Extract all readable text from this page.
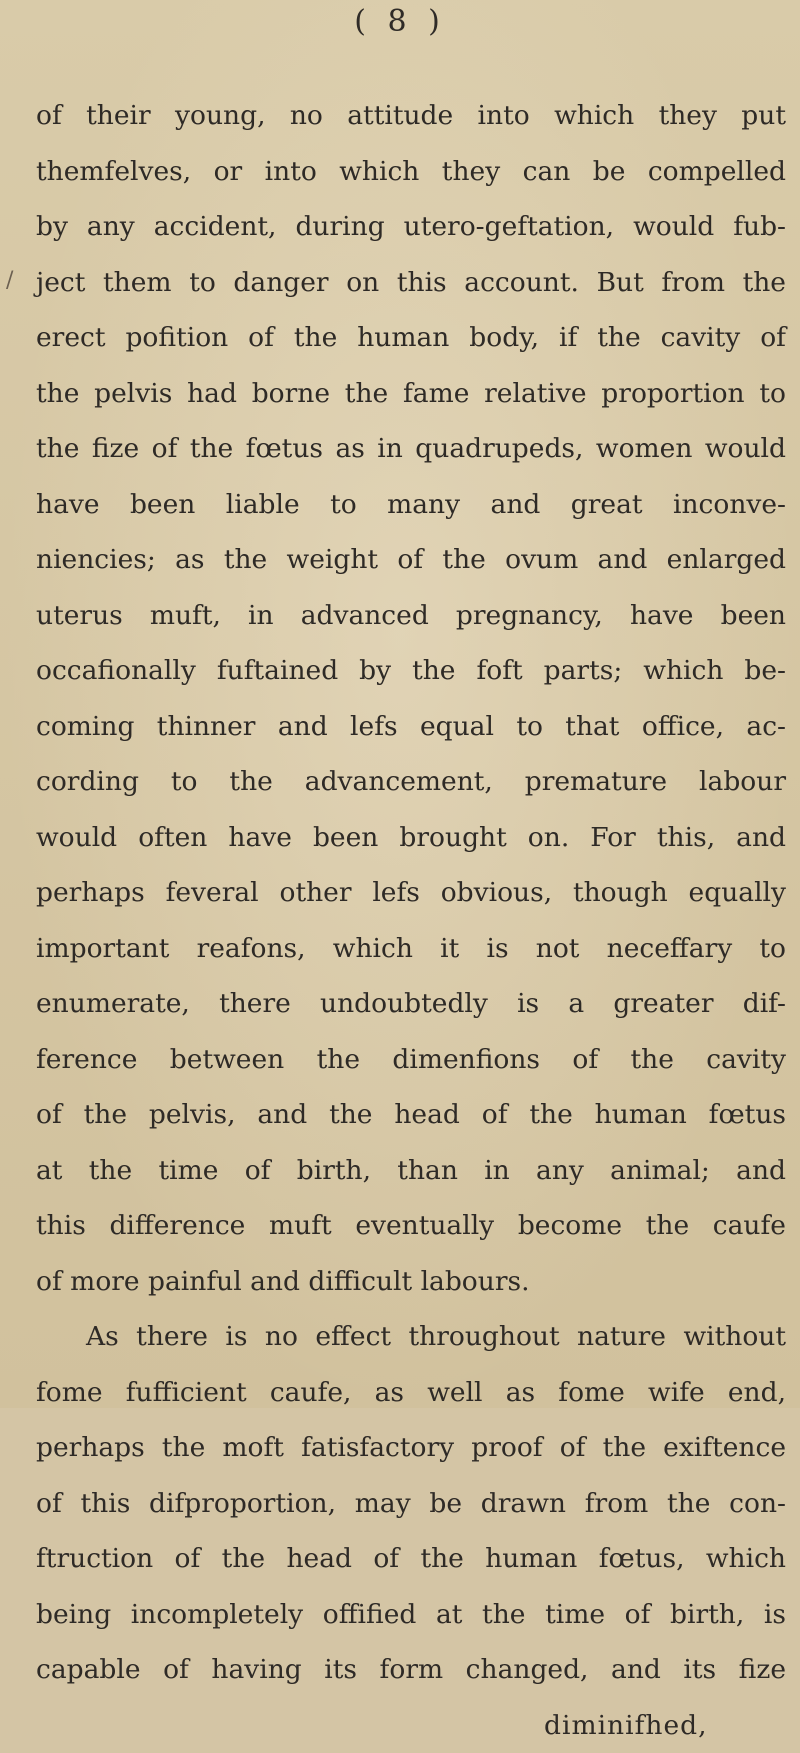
/
( 8 )
of their young, no attitude into which they put
themfelves, or into which they can be compelled
by any accident, during utero-geftation, would fub-
ject them to danger on this account. But from the
erect pofition of the human body, if the cavity of
the pelvis had borne the fame relative proportion to
the fize of the fœtus as in quadrupeds, women would
have been liable to many and great inconve-
niencies; as the weight of the ovum and enlarged
uterus muft, in advanced pregnancy, have been
occafionally fuftained by the foft parts; which be-
coming thinner and lefs equal to that office, ac-
cording to the advancement, premature labour
would often have been brought on. For this, and
perhaps feveral other lefs obvious, though equally
important reafons, which it is not neceffary to
enumerate, there undoubtedly is a greater dif-
ference between the dimenfions of the cavity
of the pelvis, and the head of the human fœtus
at the time of birth, than in any animal; and
this difference muft eventually become the caufe
of more painful and difficult labours.
As there is no effect throughout nature without
fome fufficient caufe, as well as fome wife end,
perhaps the moft fatisfactory proof of the exiftence
of this difproportion, may be drawn from the con-
ftruction of the head of the human fœtus, which
being incompletely offified at the time of birth, is
capable of having its form changed, and its fize
diminifhed,
